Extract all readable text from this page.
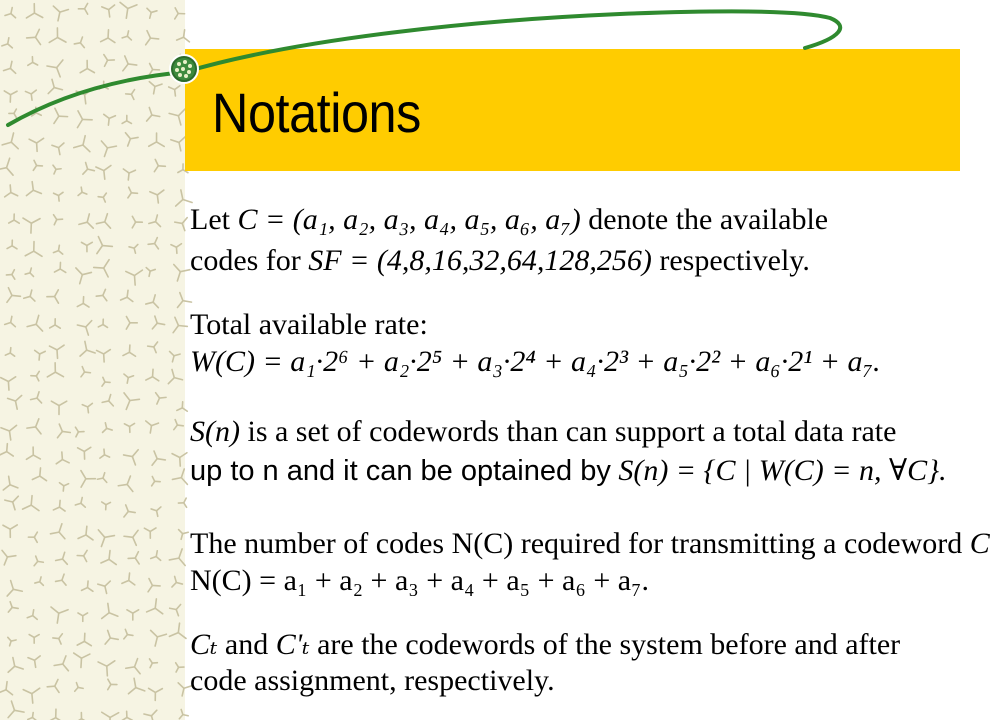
Notations
Let C = (a₁, a₂, a₃, a₄, a₅, a₆, a₇) denote the available
codes for SF = (4,8,16,32,64,128,256) respectively.
Total available rate:
W(C) = a₁·2⁶ + a₂·2⁵ + a₃·2⁴ + a₄·2³ + a₅·2² + a₆·2¹ + a₇.
S(n) is a set of codewords than can support a total data rate
up to n and it can be optained by S(n) = {C | W(C) = n, ∀C}.
The number of codes N(C) required for transmitting a codeword C
N(C) = a₁ + a₂ + a₃ + a₄ + a₅ + a₆ + a₇.
Cₜ and C'ₜ are the codewords of the system before and after
code assignment, respectively.
